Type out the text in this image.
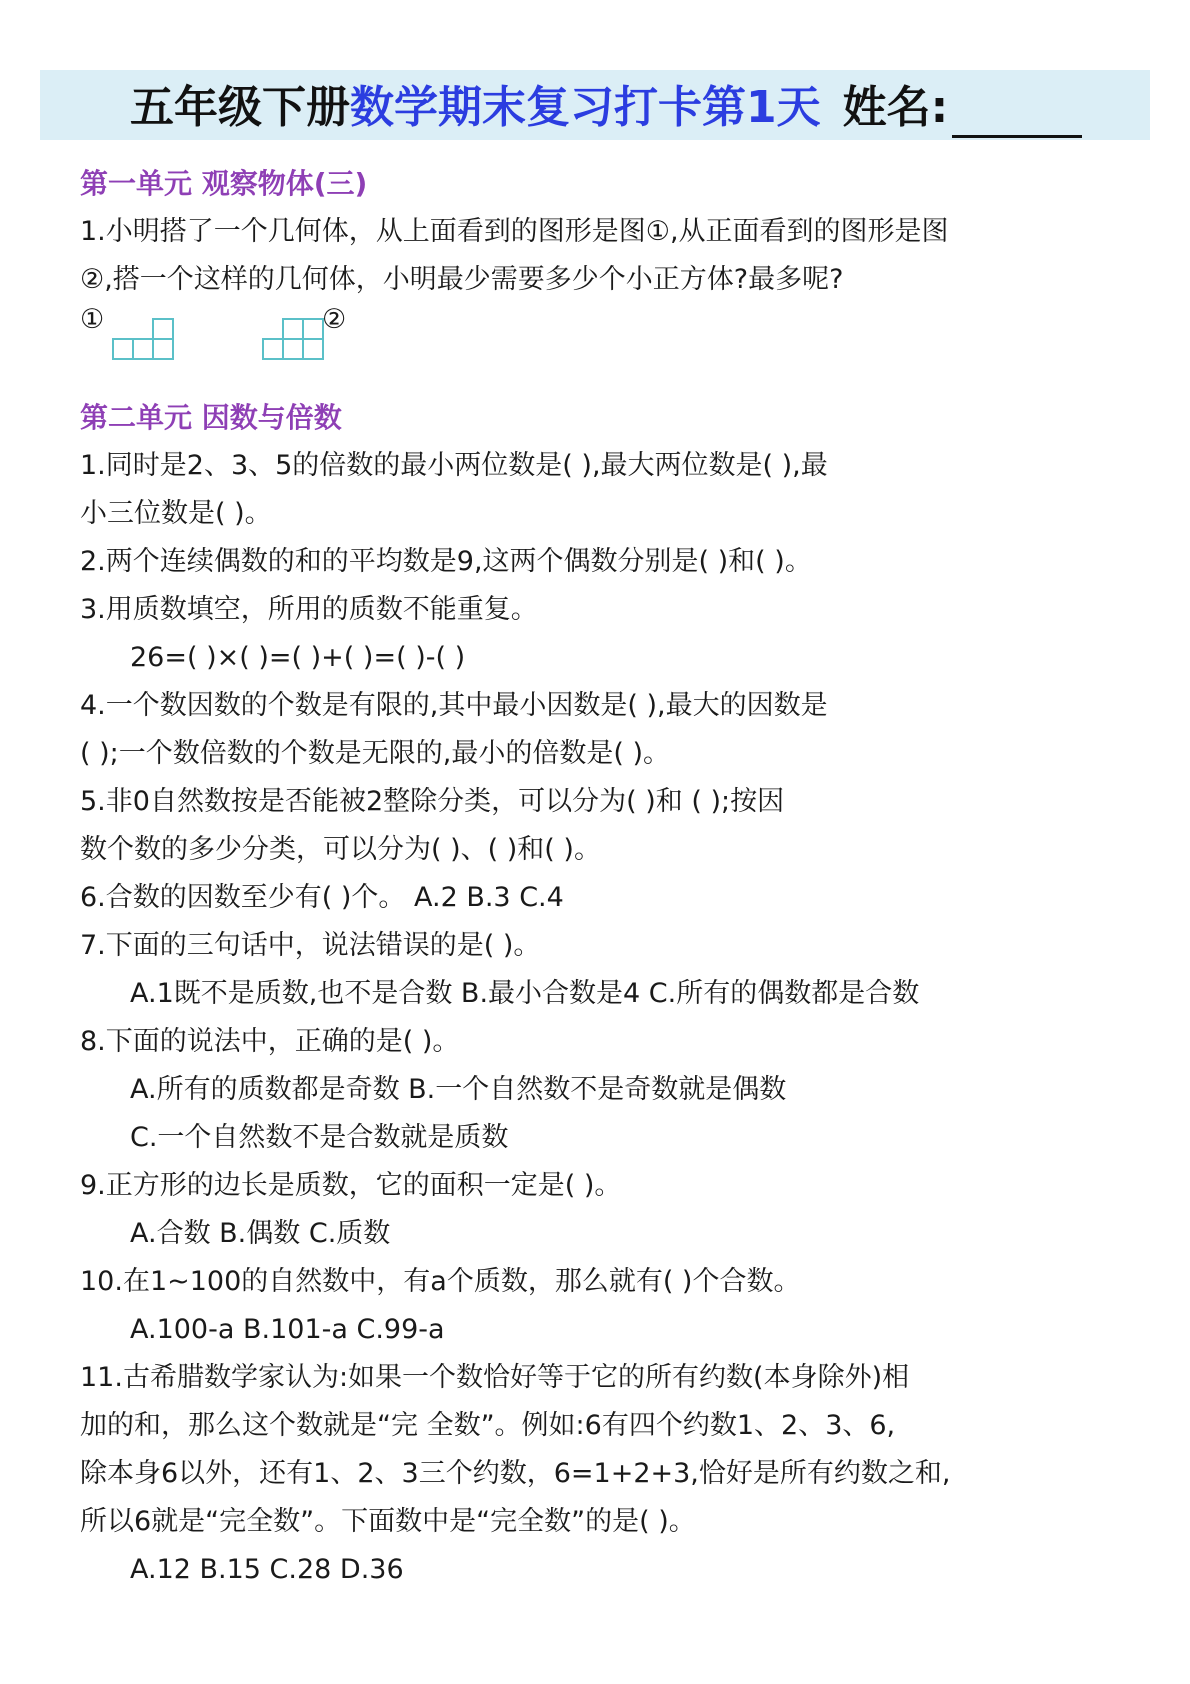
五年级下册数学期末复习打卡第1天 姓名:
第一单元 观察物体(三)
1.小明搭了一个几何体，从上面看到的图形是图①,从正面看到的图形是图
②,搭一个这样的几何体，小明最少需要多少个小正方体?最多呢?
①	②
第二单元 因数与倍数
1.同时是2、3、5的倍数的最小两位数是( ),最大两位数是( ),最
小三位数是( )。
2.两个连续偶数的和的平均数是9,这两个偶数分别是( )和( )。
3.用质数填空，所用的质数不能重复。
26=( )×( )=( )+( )=( )-( )
4.一个数因数的个数是有限的,其中最小因数是( ),最大的因数是
( );一个数倍数的个数是无限的,最小的倍数是( )。
5.非0自然数按是否能被2整除分类，可以分为( )和 ( );按因
数个数的多少分类，可以分为( )、( )和( )。
6.合数的因数至少有( )个。 A.2 B.3 C.4
7.下面的三句话中，说法错误的是( )。
A.1既不是质数,也不是合数 B.最小合数是4 C.所有的偶数都是合数
8.下面的说法中，正确的是( )。
A.所有的质数都是奇数 B.一个自然数不是奇数就是偶数
C.一个自然数不是合数就是质数
9.正方形的边长是质数，它的面积一定是( )。
A.合数 B.偶数 C.质数
10.在1~100的自然数中，有a个质数，那么就有( )个合数。
A.100-a B.101-a C.99-a
11.古希腊数学家认为:如果一个数恰好等于它的所有约数(本身除外)相
加的和，那么这个数就是“完 全数”。例如:6有四个约数1、2、3、6,
除本身6以外，还有1、2、3三个约数，6=1+2+3,恰好是所有约数之和,
所以6就是“完全数”。下面数中是“完全数”的是( )。
A.12 B.15 C.28 D.36
